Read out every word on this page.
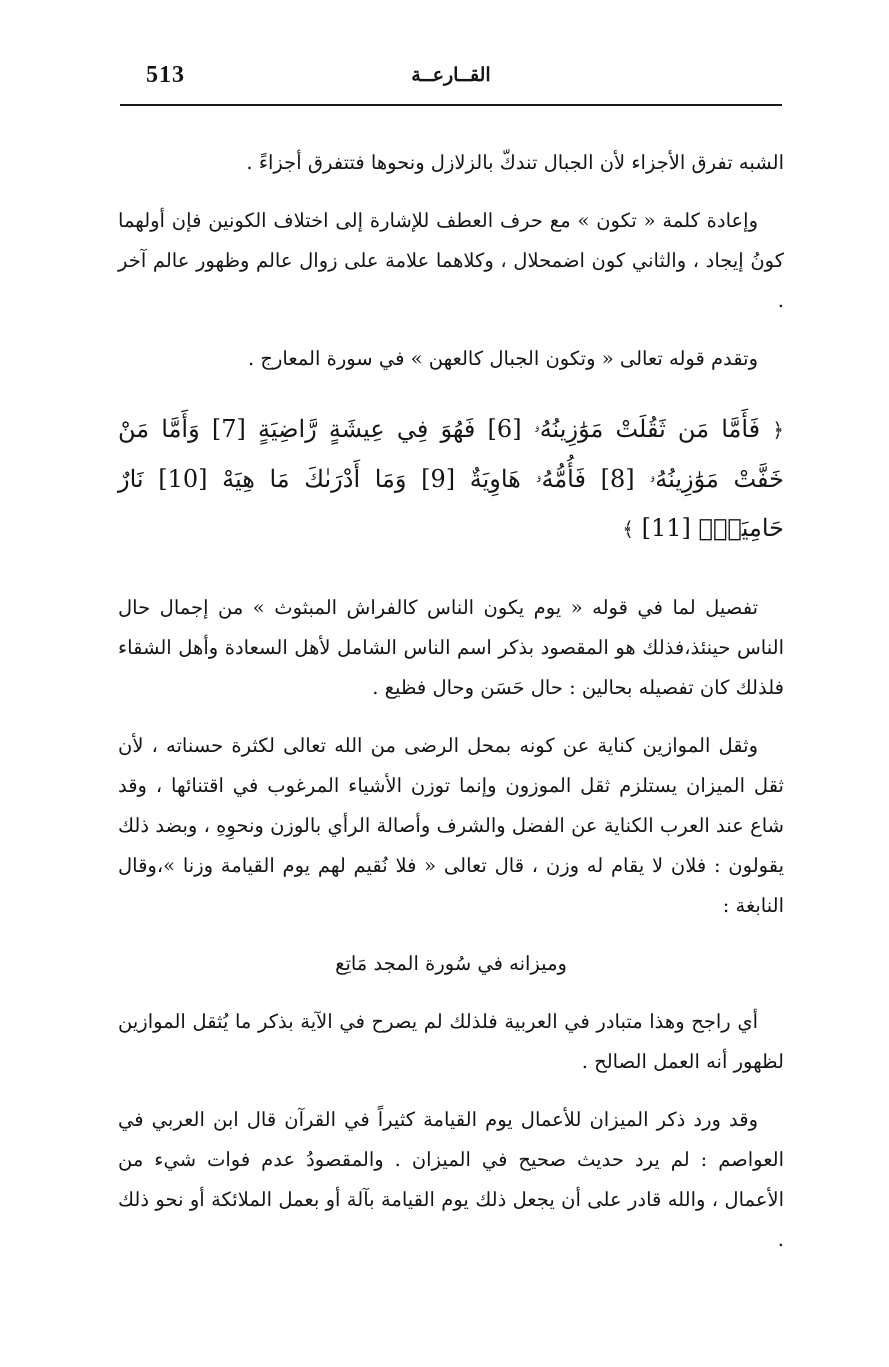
513	القــارعــة

الشبه تفرق الأجزاء لأن الجبال تندكّ بالزلازل ونحوها فتتفرق أجزاءً .

وإعادة كلمة « تكون » مع حرف العطف للإشارة إلى اختلاف الكونين فإن أولهما كونُ إيجاد ، والثاني كون اضمحلال ، وكلاهما علامة على زوال عالم وظهور عالم آخر .

وتقدم قوله تعالى « وتكون الجبال كالعهن » في سورة المعارج .

﴿ فَأَمَّا مَن ثَقُلَتْ مَوَٰزِينُهُۥ [6] فَهُوَ فِي عِيشَةٍ رَّاضِيَةٍ [7] وَأَمَّا مَنْ خَفَّتْ مَوَٰزِينُهُۥ [8] فَأُمُّهُۥ هَاوِيَةٌ [9] وَمَا أَدْرَىٰكَ مَا هِيَهْ [10] نَارٌ حَامِيَةٌۢ [11] ﴾

تفصيل لما في قوله « يوم يكون الناس كالفراش المبثوث » من إجمال حال الناس حينئذ،فذلك هو المقصود بذكر اسم الناس الشامل لأهل السعادة وأهل الشقاء فلذلك كان تفصيله بحالين : حال حَسَن وحال فظيع .

وثقل الموازين كناية عن كونه بمحل الرضى من الله تعالى لكثرة حسناته ، لأن ثقل الميزان يستلزم ثقل الموزون وإنما توزن الأشياء المرغوب في اقتنائها ، وقد شاع عند العرب الكناية عن الفضل والشرف وأصالة الرأي بالوزن ونحوِهِ ، وبضد ذلك يقولون : فلان لا يقام له وزن ، قال تعالى « فلا نُقيم لهم يوم القيامة وزنا »،وقال النابغة :

وميزانه في سُورة المجد مَاتِع

أي راجح وهذا متبادر في العربية فلذلك لم يصرح في الآية بذكر ما يُثقل الموازين لظهور أنه العمل الصالح .

وقد ورد ذكر الميزان للأعمال يوم القيامة كثيراً في القرآن قال ابن العربي في العواصم : لم يرد حديث صحيح في الميزان . والمقصودُ عدم فوات شيء من الأعمال ، والله قادر على أن يجعل ذلك يوم القيامة بآلة أو بعمل الملائكة أو نحو ذلك .
